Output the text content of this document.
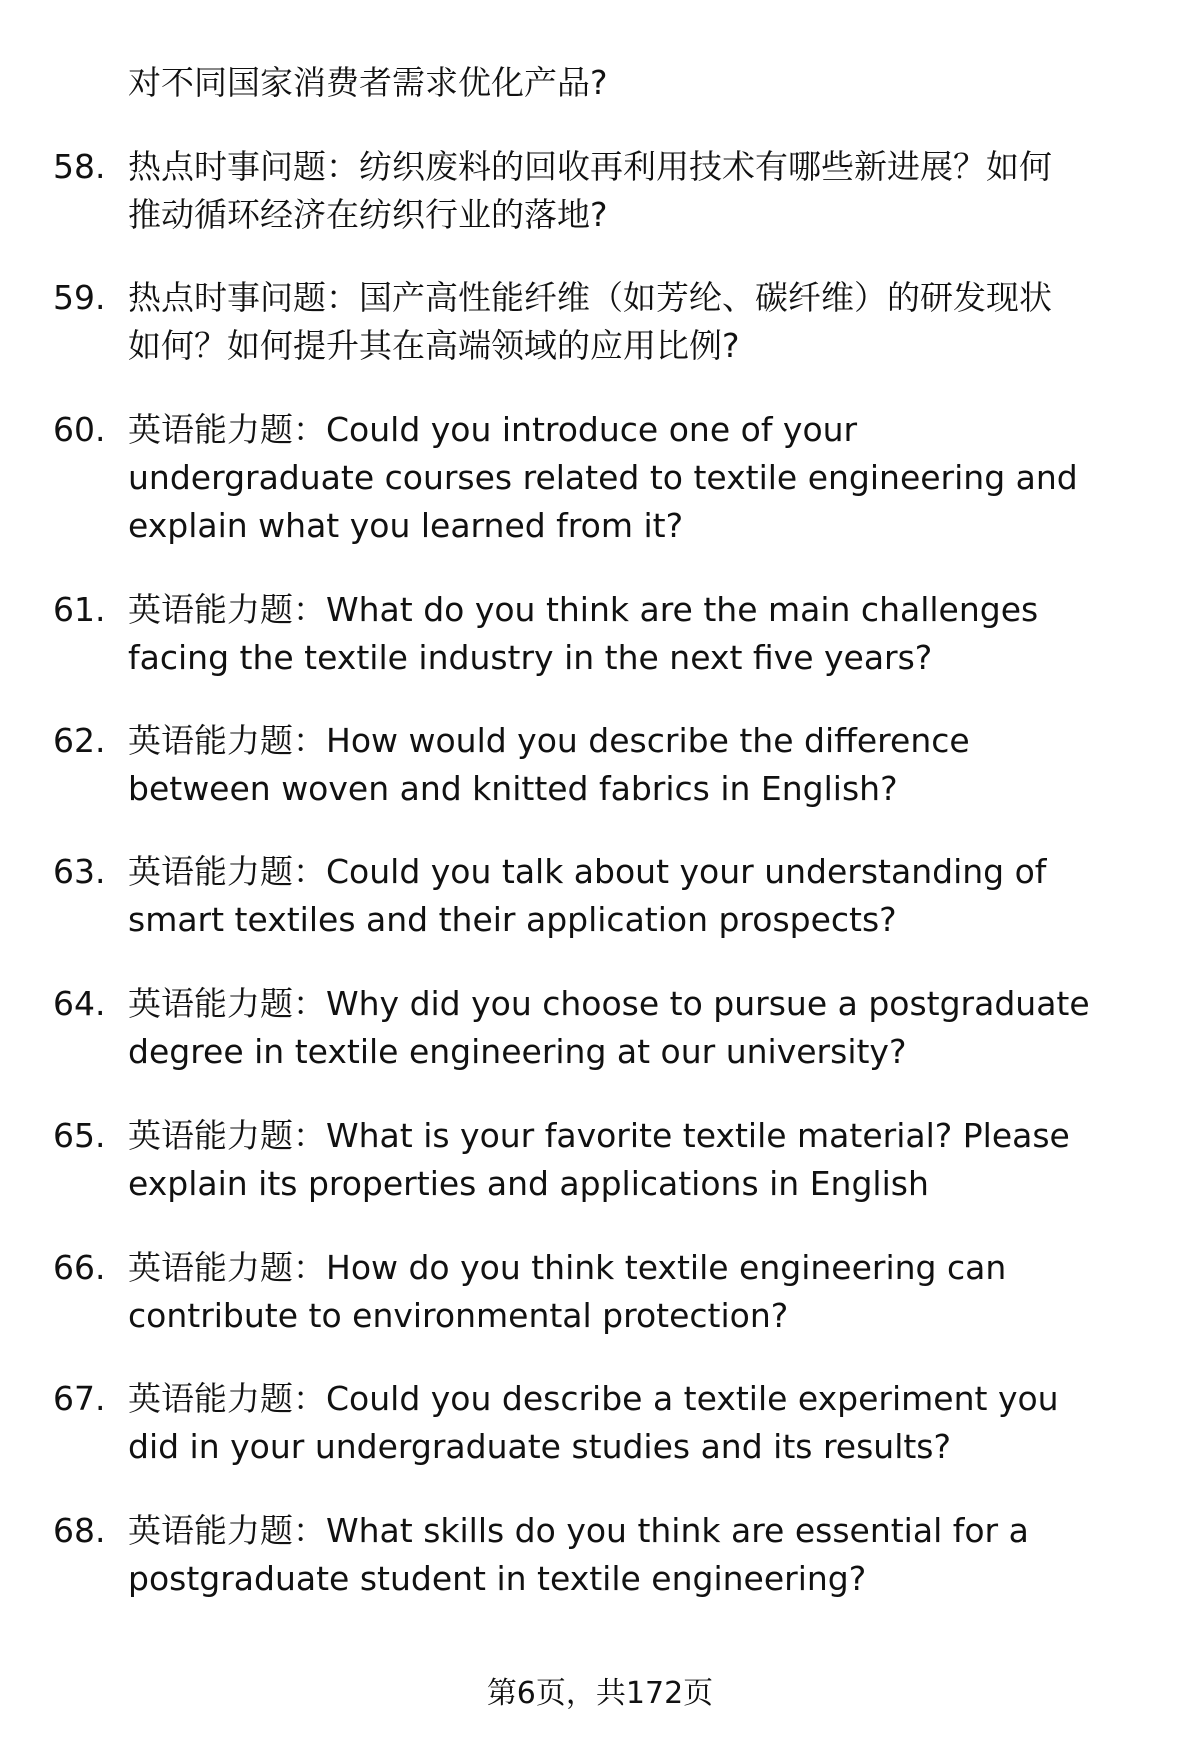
对不同国家消费者需求优化产品?
58. 热点时事问题：纺织废料的回收再利用技术有哪些新进展？如何
推动循环经济在纺织行业的落地?
59. 热点时事问题：国产高性能纤维（如芳纶、碳纤维）的研发现状
如何？如何提升其在高端领域的应用比例?
60. 英语能力题：Could you introduce one of your
undergraduate courses related to textile engineering and
explain what you learned from it?
61. 英语能力题：What do you think are the main challenges
facing the textile industry in the next five years?
62. 英语能力题：How would you describe the difference
between woven and knitted fabrics in English?
63. 英语能力题：Could you talk about your understanding of
smart textiles and their application prospects?
64. 英语能力题：Why did you choose to pursue a postgraduate
degree in textile engineering at our university?
65. 英语能力题：What is your favorite textile material? Please
explain its properties and applications in English
66. 英语能力题：How do you think textile engineering can
contribute to environmental protection?
67. 英语能力题：Could you describe a textile experiment you
did in your undergraduate studies and its results?
68. 英语能力题：What skills do you think are essential for a
postgraduate student in textile engineering?
第6页，共172页
